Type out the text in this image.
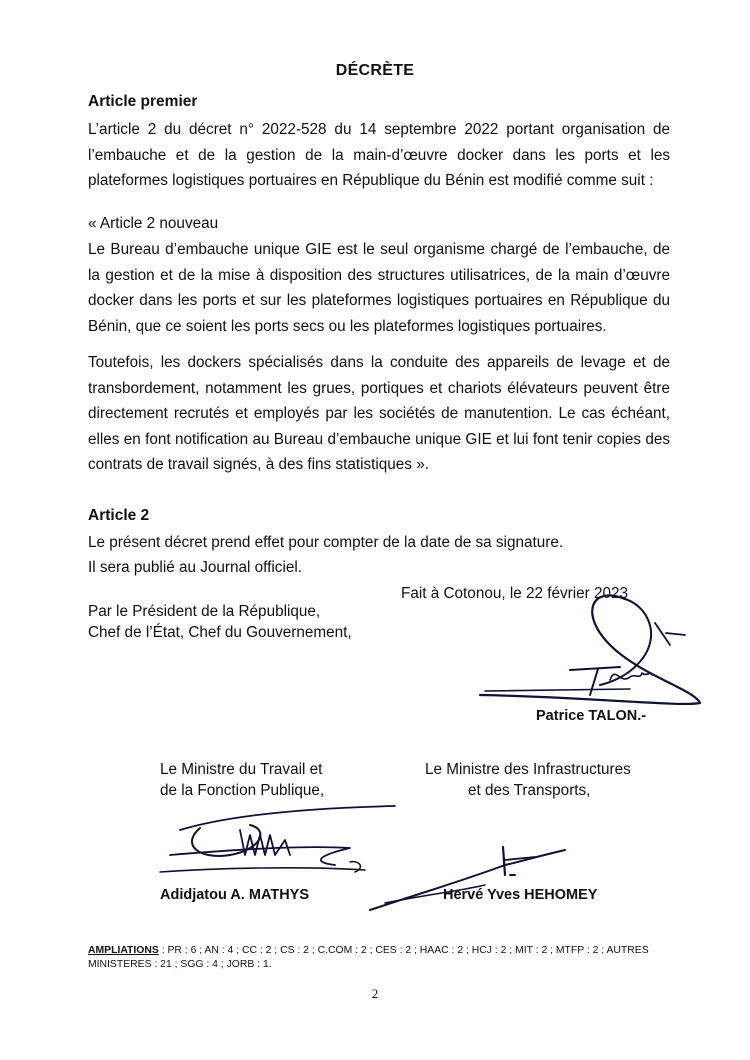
DÉCRÈTE
Article premier
L’article 2 du décret n° 2022-528 du 14 septembre 2022 portant organisation de l’embauche et de la gestion de la main-d’œuvre docker dans les ports et les plateformes logistiques portuaires en République du Bénin est modifié comme suit :
« Article 2 nouveau
Le Bureau d’embauche unique GIE est le seul organisme chargé de l’embauche, de la gestion et de la mise à disposition des structures utilisatrices, de la main d’œuvre docker dans les ports et sur les plateformes logistiques portuaires en République du Bénin, que ce soient les ports secs ou les plateformes logistiques portuaires.
Toutefois, les dockers spécialisés dans la conduite des appareils de levage et de transbordement, notamment les grues, portiques et chariots élévateurs peuvent être directement recrutés et employés par les sociétés de manutention. Le cas échéant, elles en font notification au Bureau d’embauche unique GIE et lui font tenir copies des contrats de travail signés, à des fins statistiques ».
Article 2
Le présent décret prend effet pour compter de la date de sa signature.
Il sera publié au Journal officiel.
Fait à Cotonou, le 22 février 2023
Par le Président de la République,
Chef de l’État, Chef du Gouvernement,
Patrice TALON.-
Le Ministre du Travail et
de la Fonction Publique,
Le Ministre des Infrastructures
et des Transports,
Adidjatou A. MATHYS	Hervé Yves HEHOMEY
AMPLIATIONS : PR : 6 ; AN : 4 ; CC : 2 ; CS : 2 ; C.COM : 2 ; CES : 2 ; HAAC : 2 ; HCJ : 2 ; MIT : 2 ; MTFP : 2 ; AUTRES MINISTERES : 21 ; SGG : 4 ; JORB : 1.
2
